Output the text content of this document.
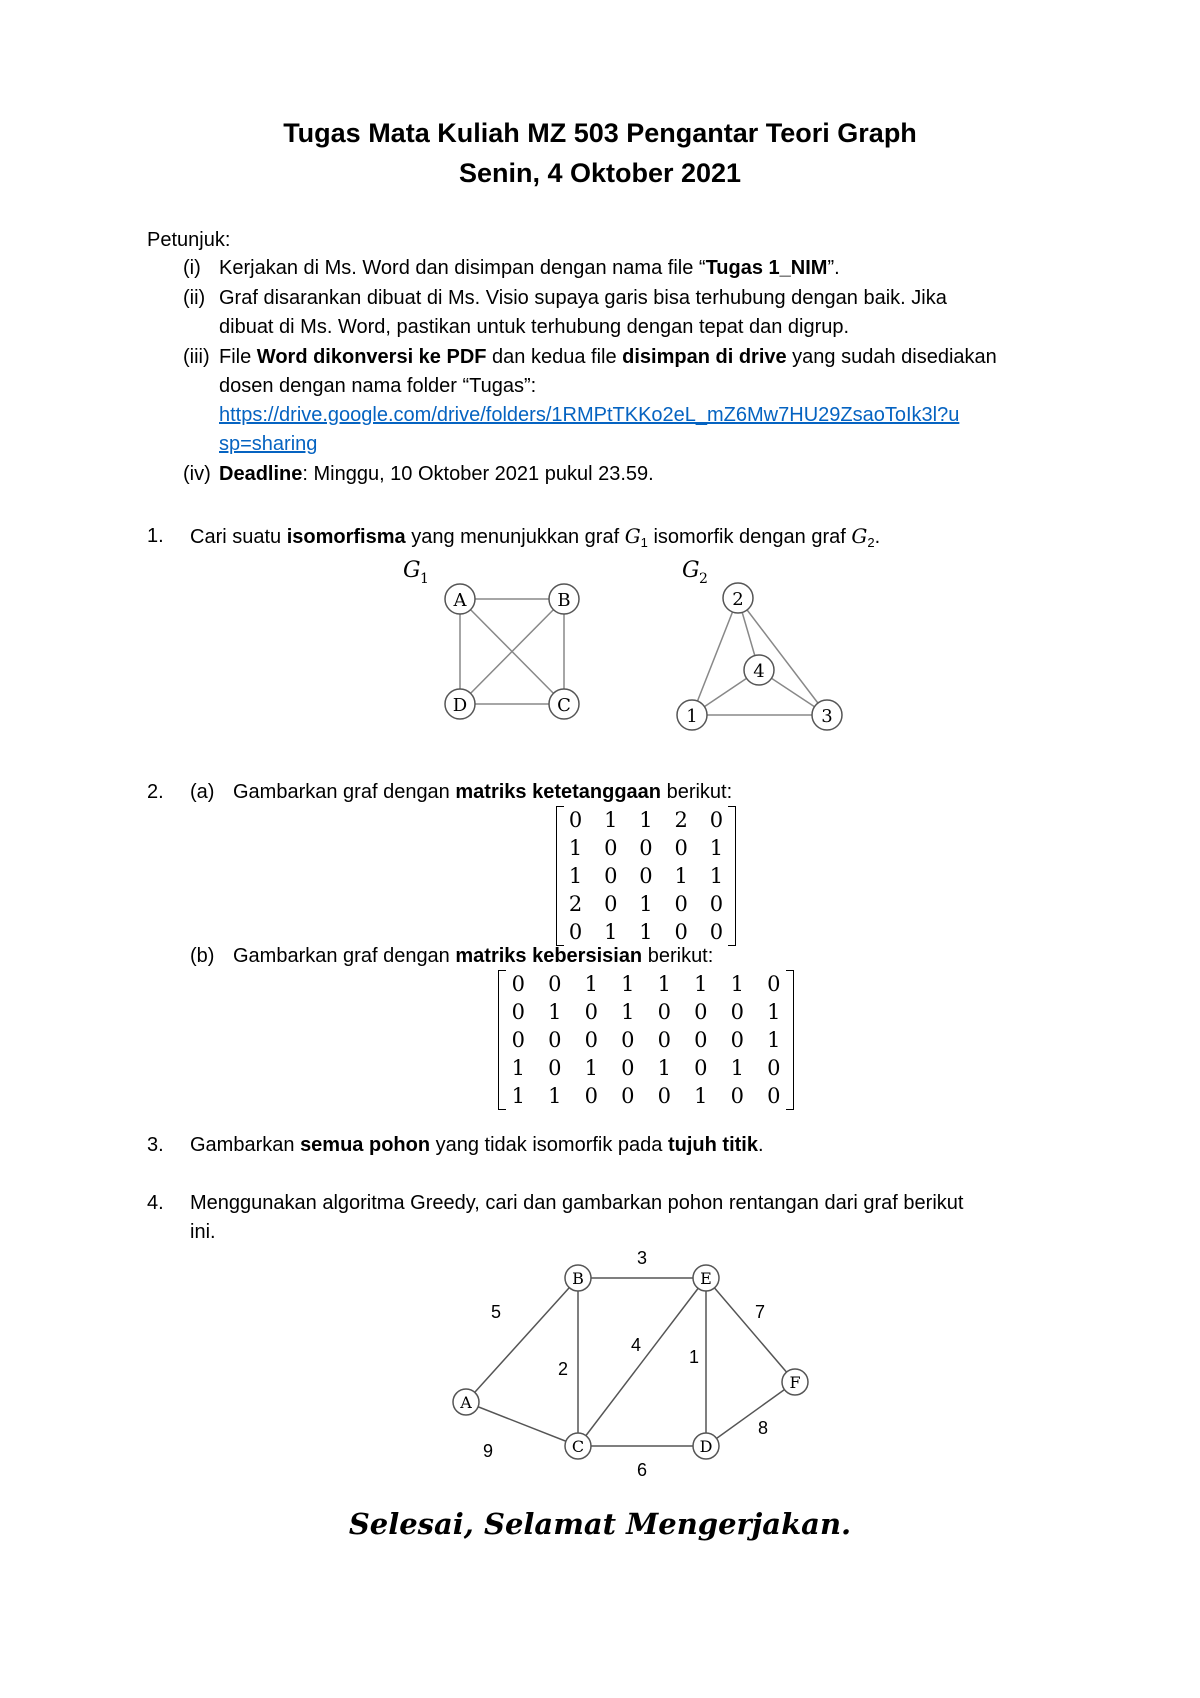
Tugas Mata Kuliah MZ 503 Pengantar Teori Graph
Senin, 4 Oktober 2021
Petunjuk:
(i) Kerjakan di Ms. Word dan disimpan dengan nama file “Tugas 1_NIM”.
(ii) Graf disarankan dibuat di Ms. Visio supaya garis bisa terhubung dengan baik. Jika
dibuat di Ms. Word, pastikan untuk terhubung dengan tepat dan digrup.
(iii) File Word dikonversi ke PDF dan kedua file disimpan di drive yang sudah disediakan
dosen dengan nama folder “Tugas”:
https://drive.google.com/drive/folders/1RMPtTKKo2eL_mZ6Mw7HU29ZsaoToIk3l?u
sp=sharing
(iv) Deadline: Minggu, 10 Oktober 2021 pukul 23.59.
1. Cari suatu isomorfisma yang menunjukkan graf $G_1$ isomorfik dengan graf $G_2$.
G 1
A	B
C
D
G 2
1
2
3
4
2. (a) Gambarkan graf dengan matriks ketetanggaan berikut:
0	1	1	2	0
1	0	0	0	1
1	0	0	1	1
2	0	1	0	0
0	1	1	0	0
(b) Gambarkan graf dengan matriks kebersisian berikut:
0	0	1	1	1	1	1	0
0	1	0	1	0	0	0	1
0	0	0	0	0	0	0	1
1	0	1	0	1	0	1	0
1	1	0	0	0	1	0	0
3. Gambarkan semua pohon yang tidak isomorfik pada tujuh titik.
4. Menggunakan algoritma Greedy, cari dan gambarkan pohon rentangan dari graf berikut
ini.
5
9
2
3
4
6
1
7
8
A
B
C	D
E
F
Selesai, Selamat Mengerjakan.
